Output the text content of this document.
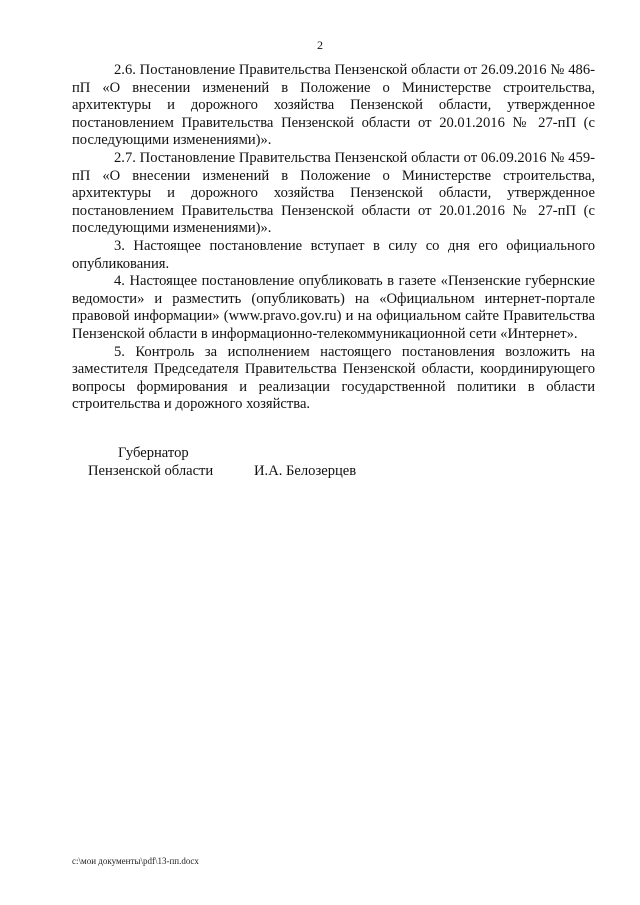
2

2.6. Постановление Правительства Пензенской области от 26.09.2016 № 486-пП «О внесении изменений в Положение о Министерстве строительства, архитектуры и дорожного хозяйства Пензенской области, утвержденное постановлением Правительства Пензенской области от 20.01.2016 № 27-пП (с последующими изменениями)».

2.7. Постановление Правительства Пензенской области от 06.09.2016 № 459-пП «О внесении изменений в Положение о Министерстве строительства, архитектуры и дорожного хозяйства Пензенской области, утвержденное постановлением Правительства Пензенской области от 20.01.2016 № 27-пП (с последующими изменениями)».

3. Настоящее постановление вступает в силу со дня его официального опубликования.

4. Настоящее постановление опубликовать в газете «Пензенские губернские ведомости» и разместить (опубликовать) на «Официальном интернет-портале правовой информации» (www.pravo.gov.ru) и на официальном сайте Правительства Пензенской области в информационно-телекоммуникационной сети «Интернет».

5. Контроль за исполнением настоящего постановления возложить на заместителя Председателя Правительства Пензенской области, координирующего вопросы формирования и реализации государственной политики в области строительства и дорожного хозяйства.

Губернатор
Пензенской области	И.А. Белозерцев
c:\мои документы\pdf\13-пп.docx
